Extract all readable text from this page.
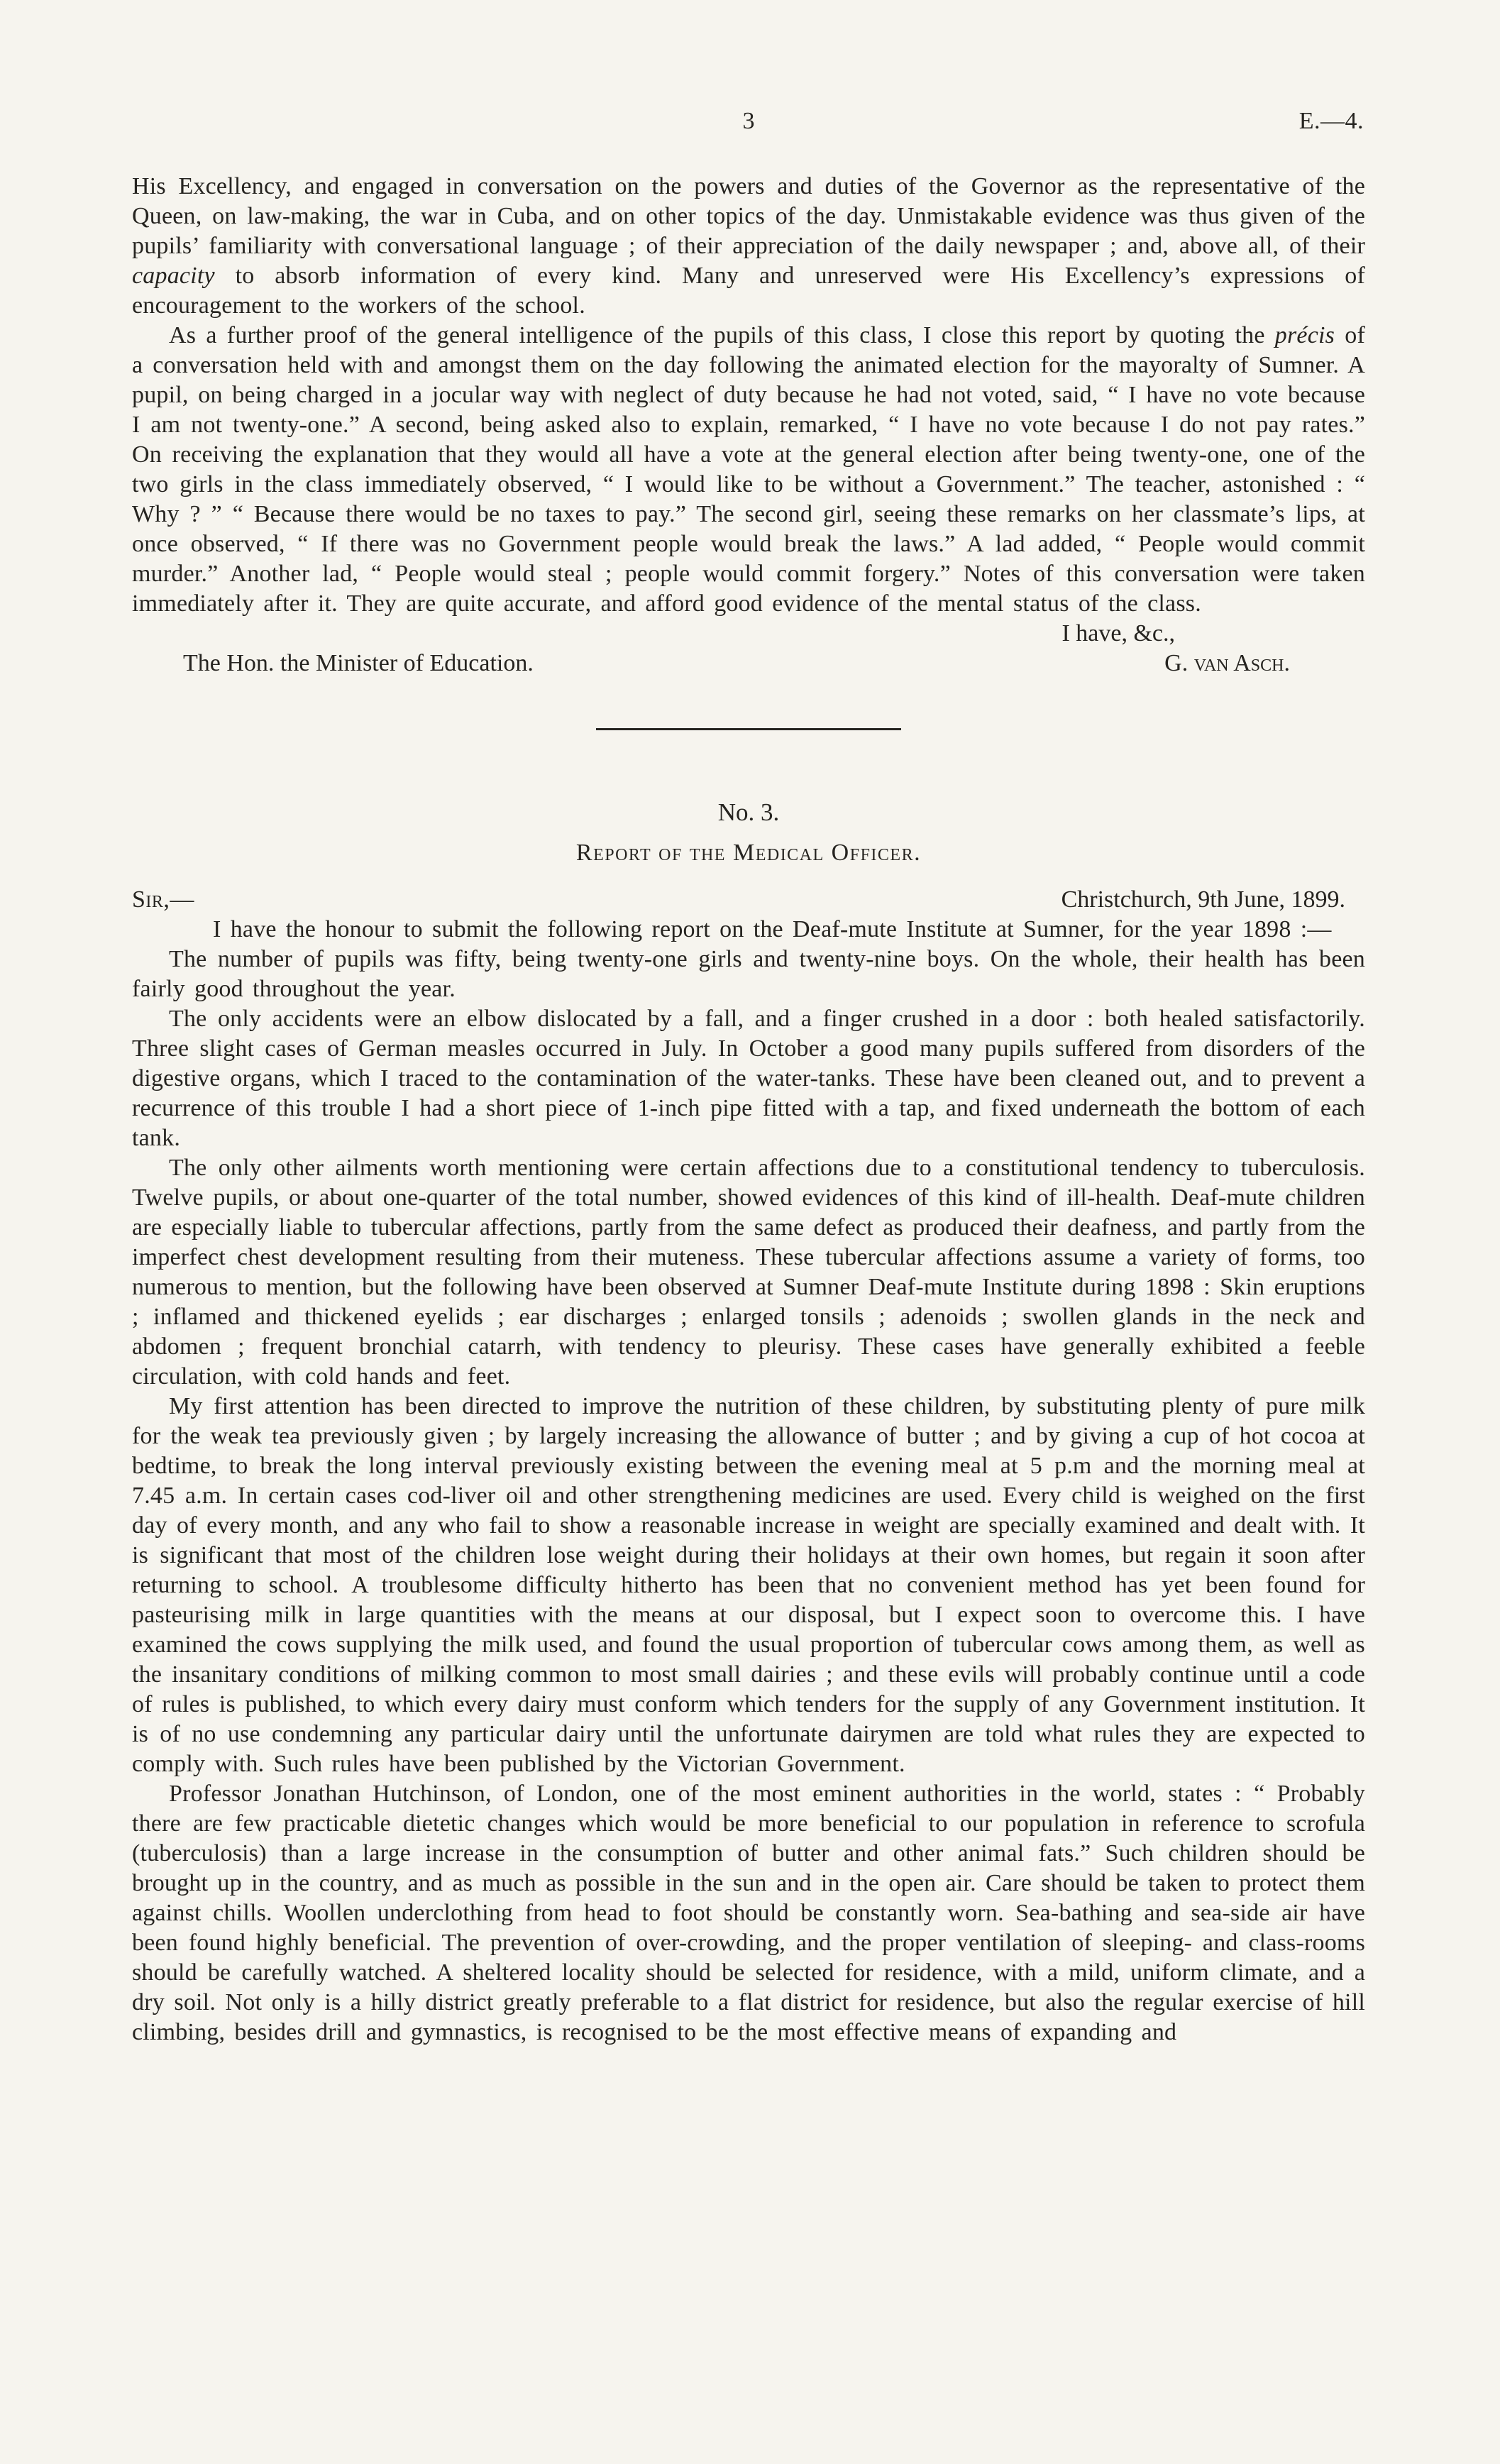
3	E.—4.

His Excellency, and engaged in conversation on the powers and duties of the Governor as the representative of the Queen, on law-making, the war in Cuba, and on other topics of the day. Unmistakable evidence was thus given of the pupils’ familiarity with conversational language ; of their appreciation of the daily newspaper ; and, above all, of their capacity to absorb information of every kind. Many and unreserved were His Excellency’s expressions of encouragement to the workers of the school.

As a further proof of the general intelligence of the pupils of this class, I close this report by quoting the précis of a conversation held with and amongst them on the day following the animated election for the mayoralty of Sumner. A pupil, on being charged in a jocular way with neglect of duty because he had not voted, said, “ I have no vote because I am not twenty-one.” A second, being asked also to explain, remarked, “ I have no vote because I do not pay rates.” On receiving the explanation that they would all have a vote at the general election after being twenty-one, one of the two girls in the class immediately observed, “ I would like to be without a Government.” The teacher, astonished : “ Why ? ” “ Because there would be no taxes to pay.” The second girl, seeing these remarks on her classmate’s lips, at once observed, “ If there was no Government people would break the laws.” A lad added, “ People would commit murder.” Another lad, “ People would steal ; people would commit forgery.” Notes of this conversation were taken immediately after it. They are quite accurate, and afford good evidence of the mental status of the class.

I have, &c.,
The Hon. the Minister of Education.	G. van Asch.
No. 3.
Report of the Medical Officer.
Sir,—	Christchurch, 9th June, 1899.

I have the honour to submit the following report on the Deaf-mute Institute at Sumner, for the year 1898 :—

The number of pupils was fifty, being twenty-one girls and twenty-nine boys. On the whole, their health has been fairly good throughout the year.

The only accidents were an elbow dislocated by a fall, and a finger crushed in a door : both healed satisfactorily. Three slight cases of German measles occurred in July. In October a good many pupils suffered from disorders of the digestive organs, which I traced to the contamination of the water-tanks. These have been cleaned out, and to prevent a recurrence of this trouble I had a short piece of 1-inch pipe fitted with a tap, and fixed underneath the bottom of each tank.

The only other ailments worth mentioning were certain affections due to a constitutional tendency to tuberculosis. Twelve pupils, or about one-quarter of the total number, showed evidences of this kind of ill-health. Deaf-mute children are especially liable to tubercular affections, partly from the same defect as produced their deafness, and partly from the imperfect chest development resulting from their muteness. These tubercular affections assume a variety of forms, too numerous to mention, but the following have been observed at Sumner Deaf-mute Institute during 1898 : Skin eruptions ; inflamed and thickened eyelids ; ear discharges ; enlarged tonsils ; adenoids ; swollen glands in the neck and abdomen ; frequent bronchial catarrh, with tendency to pleurisy. These cases have generally exhibited a feeble circulation, with cold hands and feet.

My first attention has been directed to improve the nutrition of these children, by substituting plenty of pure milk for the weak tea previously given ; by largely increasing the allowance of butter ; and by giving a cup of hot cocoa at bedtime, to break the long interval previously existing between the evening meal at 5 p.m and the morning meal at 7.45 a.m. In certain cases cod-liver oil and other strengthening medicines are used. Every child is weighed on the first day of every month, and any who fail to show a reasonable increase in weight are specially examined and dealt with. It is significant that most of the children lose weight during their holidays at their own homes, but regain it soon after returning to school. A troublesome difficulty hitherto has been that no convenient method has yet been found for pasteurising milk in large quantities with the means at our disposal, but I expect soon to overcome this. I have examined the cows supplying the milk used, and found the usual proportion of tubercular cows among them, as well as the insanitary conditions of milking common to most small dairies ; and these evils will probably continue until a code of rules is published, to which every dairy must conform which tenders for the supply of any Government institution. It is of no use condemning any particular dairy until the unfortunate dairymen are told what rules they are expected to comply with. Such rules have been published by the Victorian Government.

Professor Jonathan Hutchinson, of London, one of the most eminent authorities in the world, states : “ Probably there are few practicable dietetic changes which would be more beneficial to our population in reference to scrofula (tuberculosis) than a large increase in the consumption of butter and other animal fats.” Such children should be brought up in the country, and as much as possible in the sun and in the open air. Care should be taken to protect them against chills. Woollen underclothing from head to foot should be constantly worn. Sea-bathing and sea-side air have been found highly beneficial. The prevention of over-crowding, and the proper ventilation of sleeping- and class-rooms should be carefully watched. A sheltered locality should be selected for residence, with a mild, uniform climate, and a dry soil. Not only is a hilly district greatly preferable to a flat district for residence, but also the regular exercise of hill climbing, besides drill and gymnastics, is recognised to be the most effective means of expanding and
